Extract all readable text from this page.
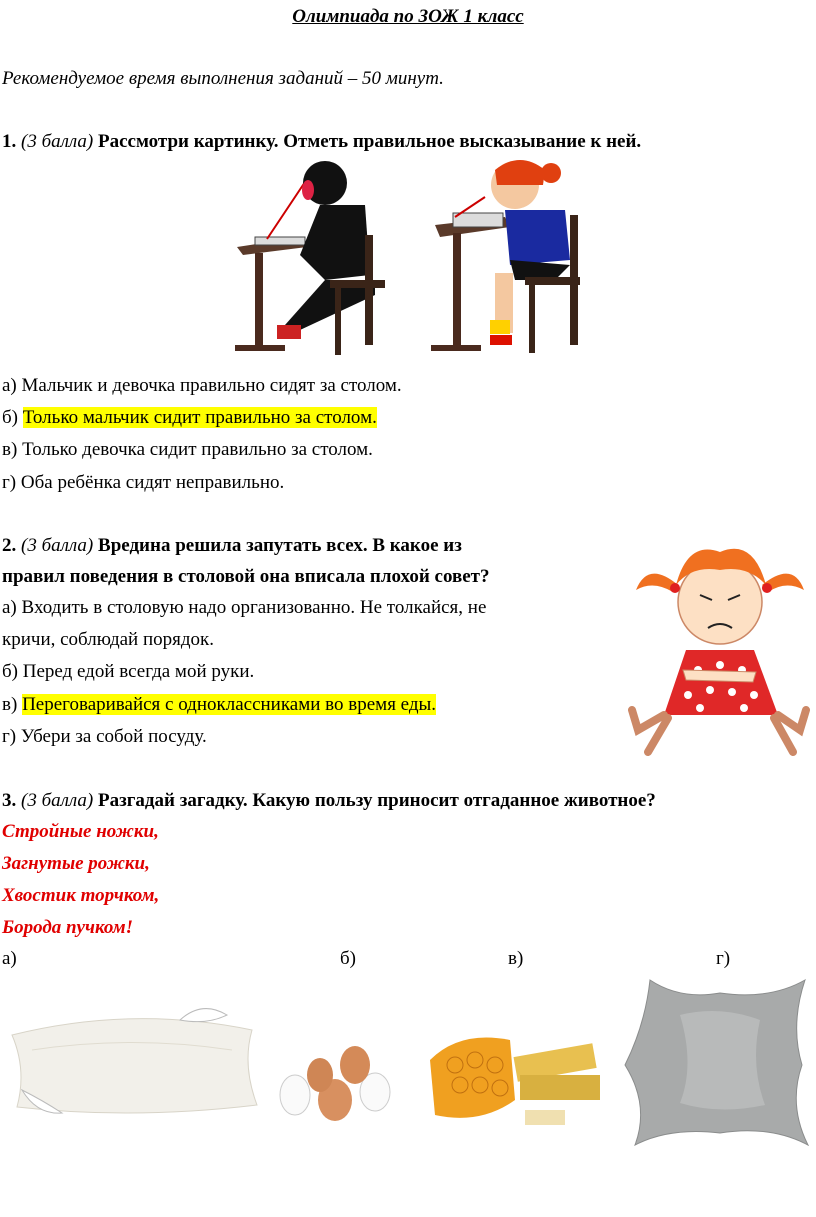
Олимпиада по ЗОЖ 1 класс
Рекомендуемое время выполнения заданий – 50 минут.
1. (3 балла) Рассмотри картинку. Отметь правильное высказывание к ней.
а) Мальчик и девочка правильно сидят за столом.
б) Только мальчик сидит правильно за столом.
в) Только девочка сидит правильно за столом.
г) Оба ребёнка сидят неправильно.
2. (3 балла) Вредина решила запутать всех. В какое из
правил поведения в столовой она вписала плохой совет?
а) Входить в столовую надо организованно. Не толкайся, не
кричи, соблюдай порядок.
б) Перед едой всегда мой руки.
в) Переговаривайся с одноклассниками во время еды.
г) Убери за собой посуду.
3. (3 балла) Разгадай загадку. Какую пользу приносит отгаданное животное?
Стройные ножки,
Загнутые рожки,
Хвостик торчком,
Борода пучком!
а)	б)	в)	г)
